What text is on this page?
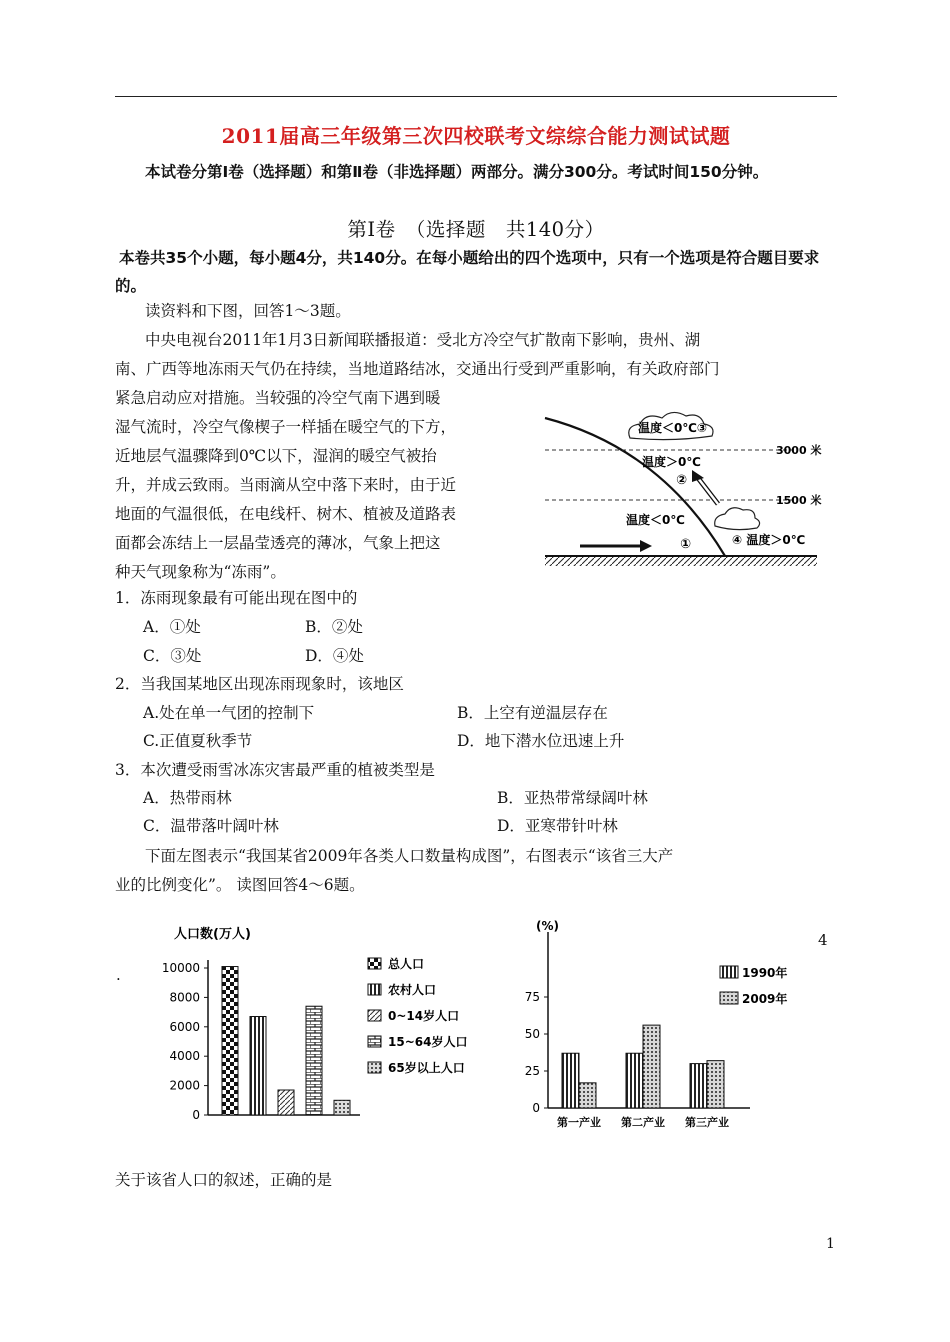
2011届高三年级第三次四校联考文综综合能力测试试题
本试卷分第Ⅰ卷（选择题）和第Ⅱ卷（非选择题）两部分。满分300分。考试时间150分钟。
第Ⅰ卷　（选择题　共140分）
本卷共35个小题，每小题4分，共140分。在每小题给出的四个选项中，只有一个选项是符合题目要求的。
读资料和下图，回答1～3题。
中央电视台2011年1月3日新闻联播报道：受北方冷空气扩散南下影响，贵州、湖
南、广西等地冻雨天气仍在持续，当地道路结冰，交通出行受到严重影响，有关政府部门
紧急启动应对措施。当较强的冷空气南下遇到暖
湿气流时，冷空气像楔子一样插在暖空气的下方，
近地层气温骤降到0℃以下，湿润的暖空气被抬
升，并成云致雨。当雨滴从空中落下来时，由于近
地面的气温很低，在电线杆、树木、植被及道路表
面都会冻结上一层晶莹透亮的薄冰，气象上把这
种天气现象称为“冻雨”。
温度＜0℃③
温度＞0℃
②
温度＜0℃
①	④ 温度＞0℃
3000 米
1500 米
1．冻雨现象最有可能出现在图中的
A．①处	B．②处
C．③处	D．④处
2．当我国某地区出现冻雨现象时，该地区
A.处在单一气团的控制下	B．上空有逆温层存在
C.正值夏秋季节	D．地下潜水位迅速上升
3．本次遭受雨雪冰冻灾害最严重的植被类型是
A．热带雨林	B．亚热带常绿阔叶林
C．温带落叶阔叶林	D．亚寒带针叶林
下面左图表示“我国某省2009年各类人口数量构成图”，右图表示“该省三大产
业的比例变化”。 读图回答4～6题。
4
.
人口数(万人)
10000
8000
6000
4000
2000
0
总人口
农村人口
0~14岁人口
15~64岁人口
65岁以上人口
(%)
75
50
25
0
第一产业 第二产业 第三产业
1990年
2009年
关于该省人口的叙述，正确的是
1
